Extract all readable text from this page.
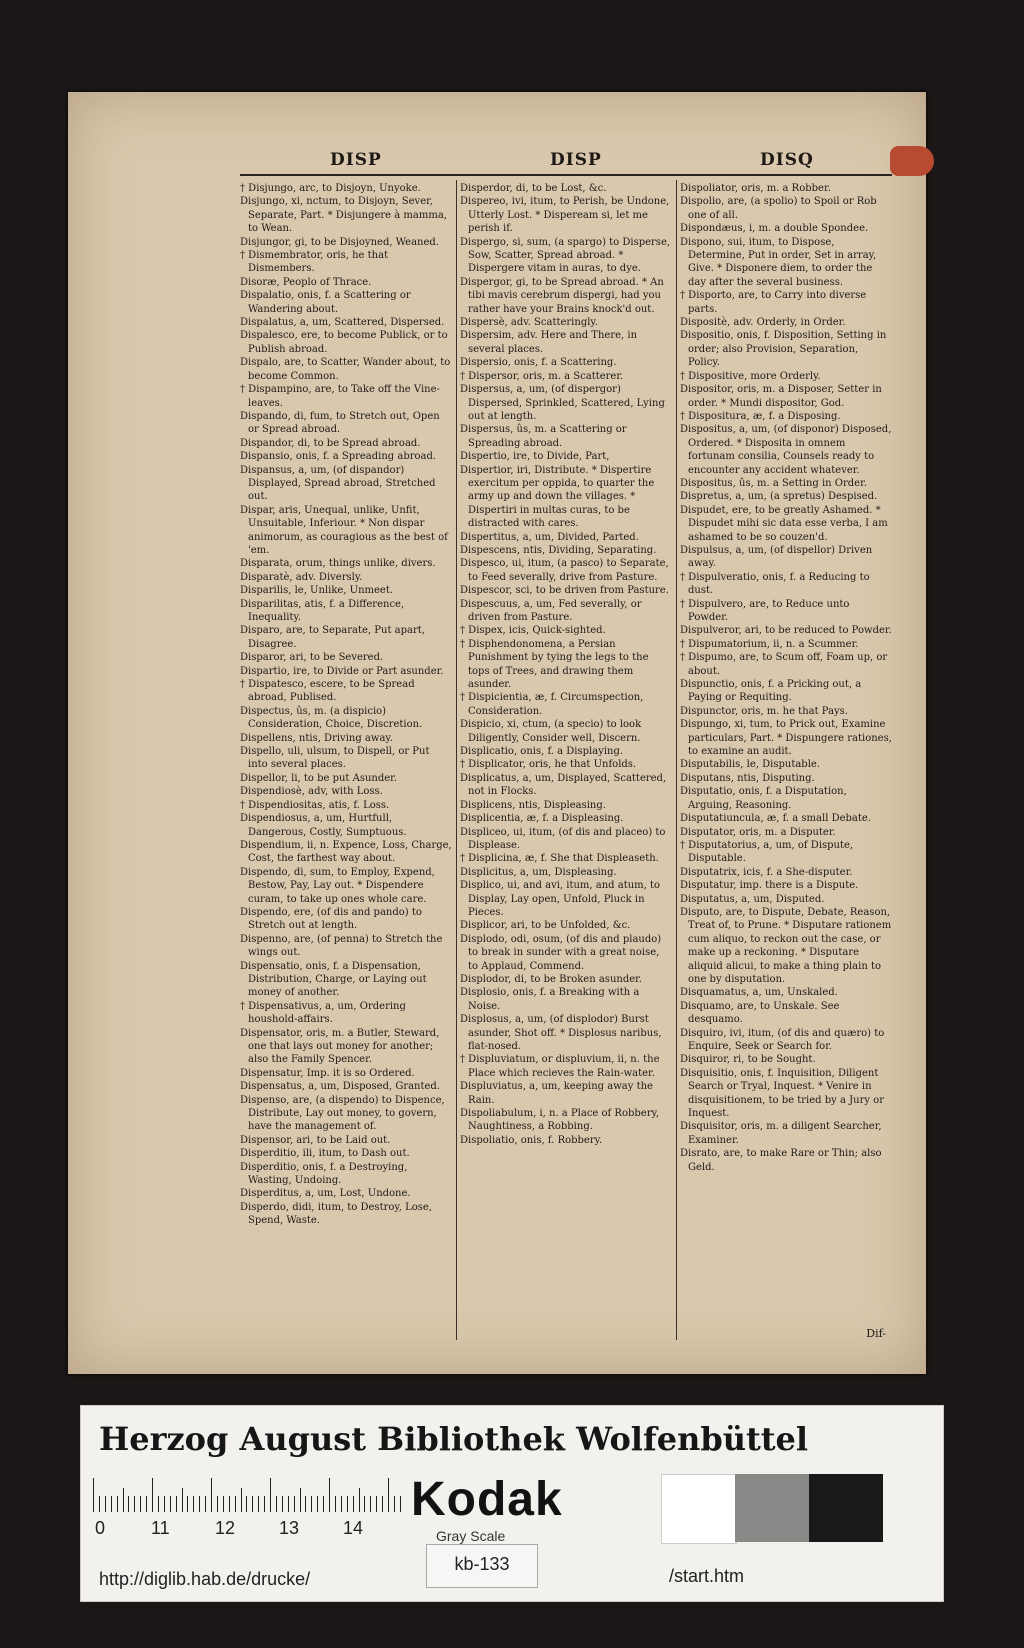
DISP	DISP	DISQ

† Disjungo, arc, to Disjoyn, Unyoke.

Disjungo, xi, nctum, to Disjoyn, Sever, Separate, Part. * Disjungere à mamma, to Wean.

Disjungor, gi, to be Disjoyned, Weaned.

† Dismembrator, oris, he that Dismembers.

Disoræ, Peoplo of Thrace.

Dispalatio, onis, f. a Scattering or Wandering about.

Dispalatus, a, um, Scattered, Dispersed.

Dispalesco, ere, to become Publick, or to Publish abroad.

Dispalo, are, to Scatter, Wander about, to become Common.

† Dispampino, are, to Take off the Vine-leaves.

Dispando, di, fum, to Stretch out, Open or Spread abroad.

Dispandor, di, to be Spread abroad.

Dispansio, onis, f. a Spreading abroad.

Dispansus, a, um, (of dispandor) Displayed, Spread abroad, Stretched out.

Dispar, aris, Unequal, unlike, Unfit, Unsuitable, Inferiour. * Non dispar animorum, as couragious as the best of 'em.

Disparata, orum, things unlike, divers.

Disparatè, adv. Diversly.

Disparilis, le, Unlike, Unmeet.

Disparilitas, atis, f. a Difference, Inequality.

Disparo, are, to Separate, Put apart, Disagree.

Disparor, ari, to be Severed.

Dispartio, ire, to Divide or Part asunder.

† Dispatesco, escere, to be Spread abroad, Publised.

Dispectus, ûs, m. (a dispicio) Consideration, Choice, Discretion.

Dispellens, ntis, Driving away.

Dispello, uli, ulsum, to Dispell, or Put into several places.

Dispellor, li, to be put Asunder.

Dispendiosè, adv, with Loss.

† Dispendiositas, atis, f. Loss.

Dispendiosus, a, um, Hurtfull, Dangerous, Costly, Sumptuous.

Dispendium, ii, n. Expence, Loss, Charge, Cost, the farthest way about.

Dispendo, di, sum, to Employ, Expend, Bestow, Pay, Lay out. * Dispendere curam, to take up ones whole care.

Dispendo, ere, (of dis and pando) to Stretch out at length.

Dispenno, are, (of penna) to Stretch the wings out.

Dispensatio, onis, f. a Dispensation, Distribution, Charge, or Laying out money of another.

† Dispensativus, a, um, Ordering houshold-affairs.

Dispensator, oris, m. a Butler, Steward, one that lays out money for another; also the Family Spencer.

Dispensatur, Imp. it is so Ordered.

Dispensatus, a, um, Disposed, Granted.

Dispenso, are, (a dispendo) to Dispence, Distribute, Lay out money, to govern, have the management of.

Dispensor, ari, to be Laid out.

Disperditio, ili, itum, to Dash out.

Disperditio, onis, f. a Destroying, Wasting, Undoing.

Disperditus, a, um, Lost, Undone.

Disperdo, didi, itum, to Destroy, Lose, Spend, Waste.

Disperdor, di, to be Lost, &c.

Dispereo, ivi, itum, to Perish, be Undone, Utterly Lost. * Dispeream si, let me perish if.

Dispergo, si, sum, (a spargo) to Disperse, Sow, Scatter, Spread abroad. * Dispergere vitam in auras, to dye.

Dispergor, gi, to be Spread abroad. * An tibi mavis cerebrum dispergi, had you rather have your Brains knock'd out.

Dispersè, adv. Scatteringly.

Dispersim, adv. Here and There, in several places.

Dispersio, onis, f. a Scattering.

† Dispersor, oris, m. a Scatterer.

Dispersus, a, um, (of dispergor) Dispersed, Sprinkled, Scattered, Lying out at length.

Dispersus, ûs, m. a Scattering or Spreading abroad.

Dispertio, ire, to Divide, Part,

Dispertior, iri, Distribute. * Dispertire exercitum per oppida, to quarter the army up and down the villages. * Dispertiri in multas curas, to be distracted with cares.

Dispertitus, a, um, Divided, Parted.

Dispescens, ntis, Dividing, Separating.

Dispesco, ui, itum, (a pasco) to Separate, to Feed severally, drive from Pasture.

Dispescor, sci, to be driven from Pasture.

Dispescuus, a, um, Fed severally, or driven from Pasture.

† Dispex, icis, Quick-sighted.

† Disphendonomena, a Persian Punishment by tying the legs to the tops of Trees, and drawing them asunder.

† Dispicientia, æ, f. Circumspection, Consideration.

Dispicio, xi, ctum, (a specio) to look Diligently, Consider well, Discern.

Displicatio, onis, f. a Displaying.

† Displicator, oris, he that Unfolds.

Displicatus, a, um, Displayed, Scattered, not in Flocks.

Displicens, ntis, Displeasing.

Displicentia, æ, f. a Displeasing.

Displiceo, ui, itum, (of dis and placeo) to Displease.

† Displicina, æ, f. She that Displeaseth.

Displicitus, a, um, Displeasing.

Displico, ui, and avi, itum, and atum, to Display, Lay open, Unfold, Pluck in Pieces.

Displicor, ari, to be Unfolded, &c.

Displodo, odi, osum, (of dis and plaudo) to break in sunder with a great noise, to Applaud, Commend.

Displodor, di, to be Broken asunder.

Displosio, onis, f. a Breaking with a Noise.

Displosus, a, um, (of displodor) Burst asunder, Shot off. * Displosus naribus, flat-nosed.

† Displuviatum, or displuvium, ii, n. the Place which recieves the Rain-water.

Displuviatus, a, um, keeping away the Rain.

Dispoliabulum, i, n. a Place of Robbery, Naughtiness, a Robbing.

Dispoliatio, onis, f. Robbery.

Dispoliator, oris, m. a Robber.

Dispolio, are, (a spolio) to Spoil or Rob one of all.

Dispondæus, i, m. a double Spondee.

Dispono, sui, itum, to Dispose, Determine, Put in order, Set in array, Give. * Disponere diem, to order the day after the several business.

† Disporto, are, to Carry into diverse parts.

Dispositè, adv. Orderly, in Order.

Dispositio, onis, f. Disposition, Setting in order; also Provision, Separation, Policy.

† Dispositive, more Orderly.

Dispositor, oris, m. a Disposer, Setter in order. * Mundi dispositor, God.

† Dispositura, æ, f. a Disposing.

Dispositus, a, um, (of disponor) Disposed, Ordered. * Disposita in omnem fortunam consilia, Counsels ready to encounter any accident whatever.

Dispositus, ûs, m. a Setting in Order.

Dispretus, a, um, (a spretus) Despised.

Dispudet, ere, to be greatly Ashamed. * Dispudet mihi sic data esse verba, I am ashamed to be so couzen'd.

Dispulsus, a, um, (of dispellor) Driven away.

† Dispulveratio, onis, f. a Reducing to dust.

† Dispulvero, are, to Reduce unto Powder.

Dispulveror, ari, to be reduced to Powder.

† Dispumatorium, ii, n. a Scummer.

† Dispumo, are, to Scum off, Foam up, or about.

Dispunctio, onis, f. a Pricking out, a Paying or Requiting.

Dispunctor, oris, m. he that Pays.

Dispungo, xi, tum, to Prick out, Examine particulars, Part. * Dispungere rationes, to examine an audit.

Disputabilis, le, Disputable.

Disputans, ntis, Disputing.

Disputatio, onis, f. a Disputation, Arguing, Reasoning.

Disputatiuncula, æ, f. a small Debate.

Disputator, oris, m. a Disputer.

† Disputatorius, a, um, of Dispute, Disputable.

Disputatrix, icis, f. a She-disputer.

Disputatur, imp. there is a Dispute.

Disputatus, a, um, Disputed.

Disputo, are, to Dispute, Debate, Reason, Treat of, to Prune. * Disputare rationem cum aliquo, to reckon out the case, or make up a reckoning. * Disputare aliquid alicui, to make a thing plain to one by disputation.

Disquamatus, a, um, Unskaled.

Disquamo, are, to Unskale. See desquamo.

Disquiro, ivi, itum, (of dis and quæro) to Enquire, Seek or Search for.

Disquiror, ri, to be Sought.

Disquisitio, onis, f. Inquisition, Diligent Search or Tryal, Inquest. * Venire in disquisitionem, to be tried by a Jury or Inquest.

Disquisitor, oris, m. a diligent Searcher, Examiner.

Disrato, are, to make Rare or Thin; also Geld.

Dif-
Herzog August Bibliothek Wolfenbüttel
0	11	12 13 14
Kodak
Gray Scale
http://diglib.hab.de/drucke/
kb-133
/start.htm
